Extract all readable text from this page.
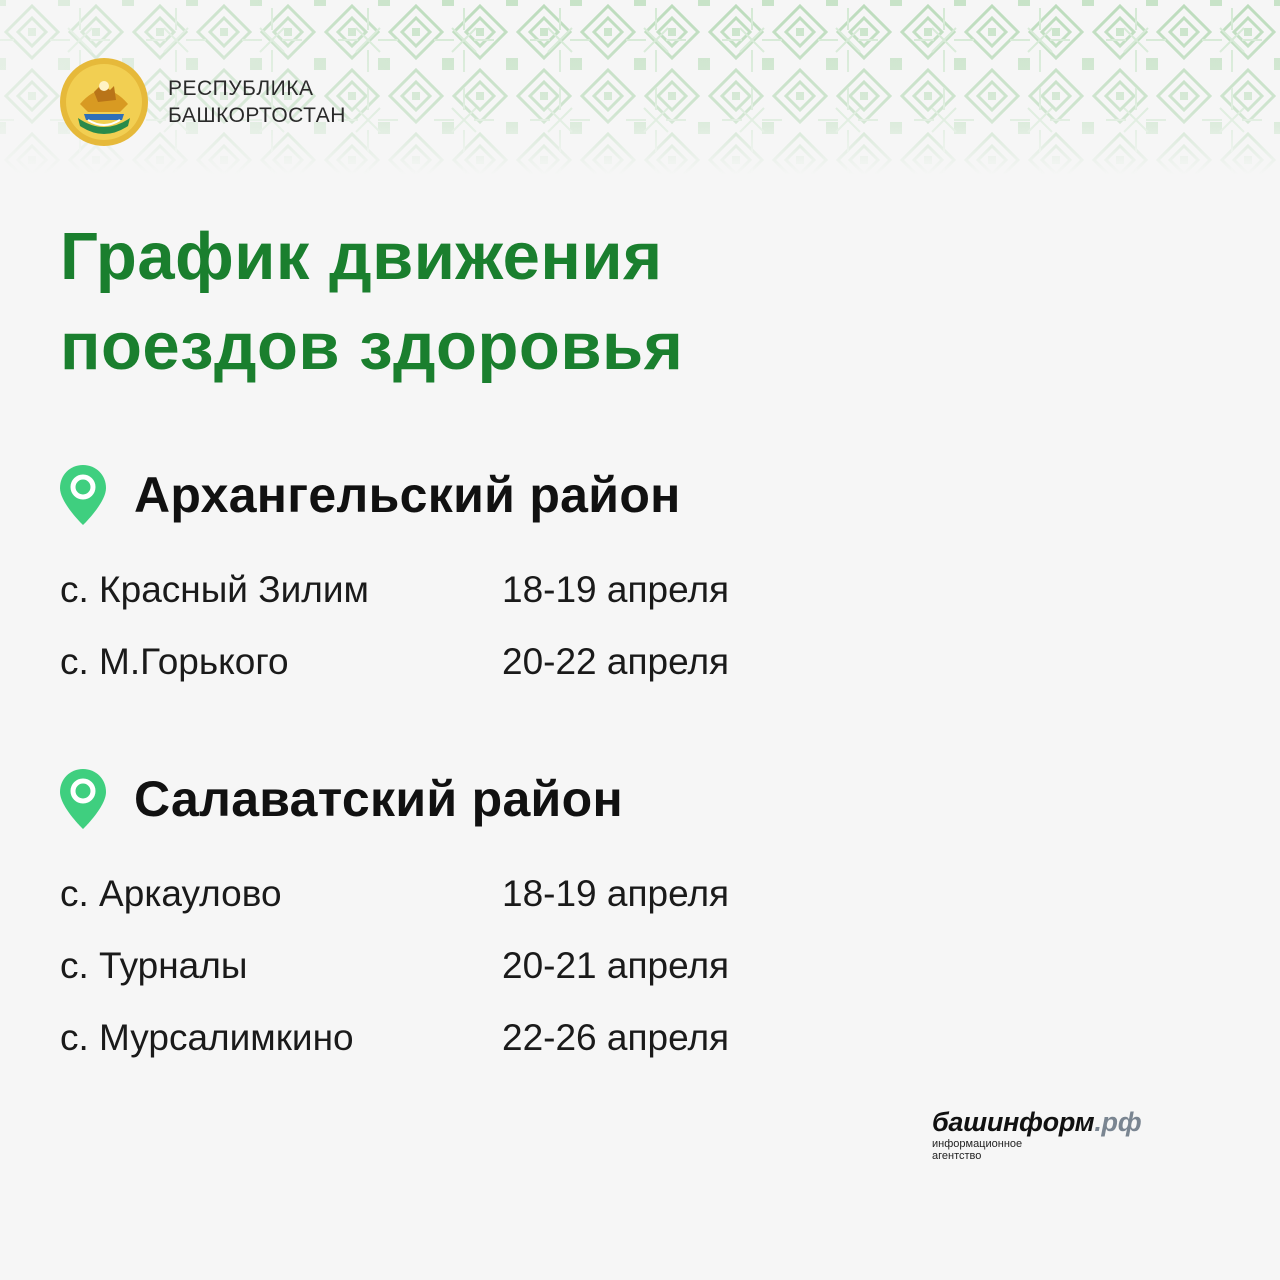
РЕСПУБЛИКА
БАШКОРТОСТАН
График движения
поездов здоровья
Архангельский район
с. Красный Зилим	18-19 апреля
с. М.Горького	20-22 апреля
Салаватский район
с. Аркаулово	18-19 апреля
с. Турналы	20-21 апреля
с. Мурсалимкино	22-26 апреля
башинформ.рф
информационное
агентство
